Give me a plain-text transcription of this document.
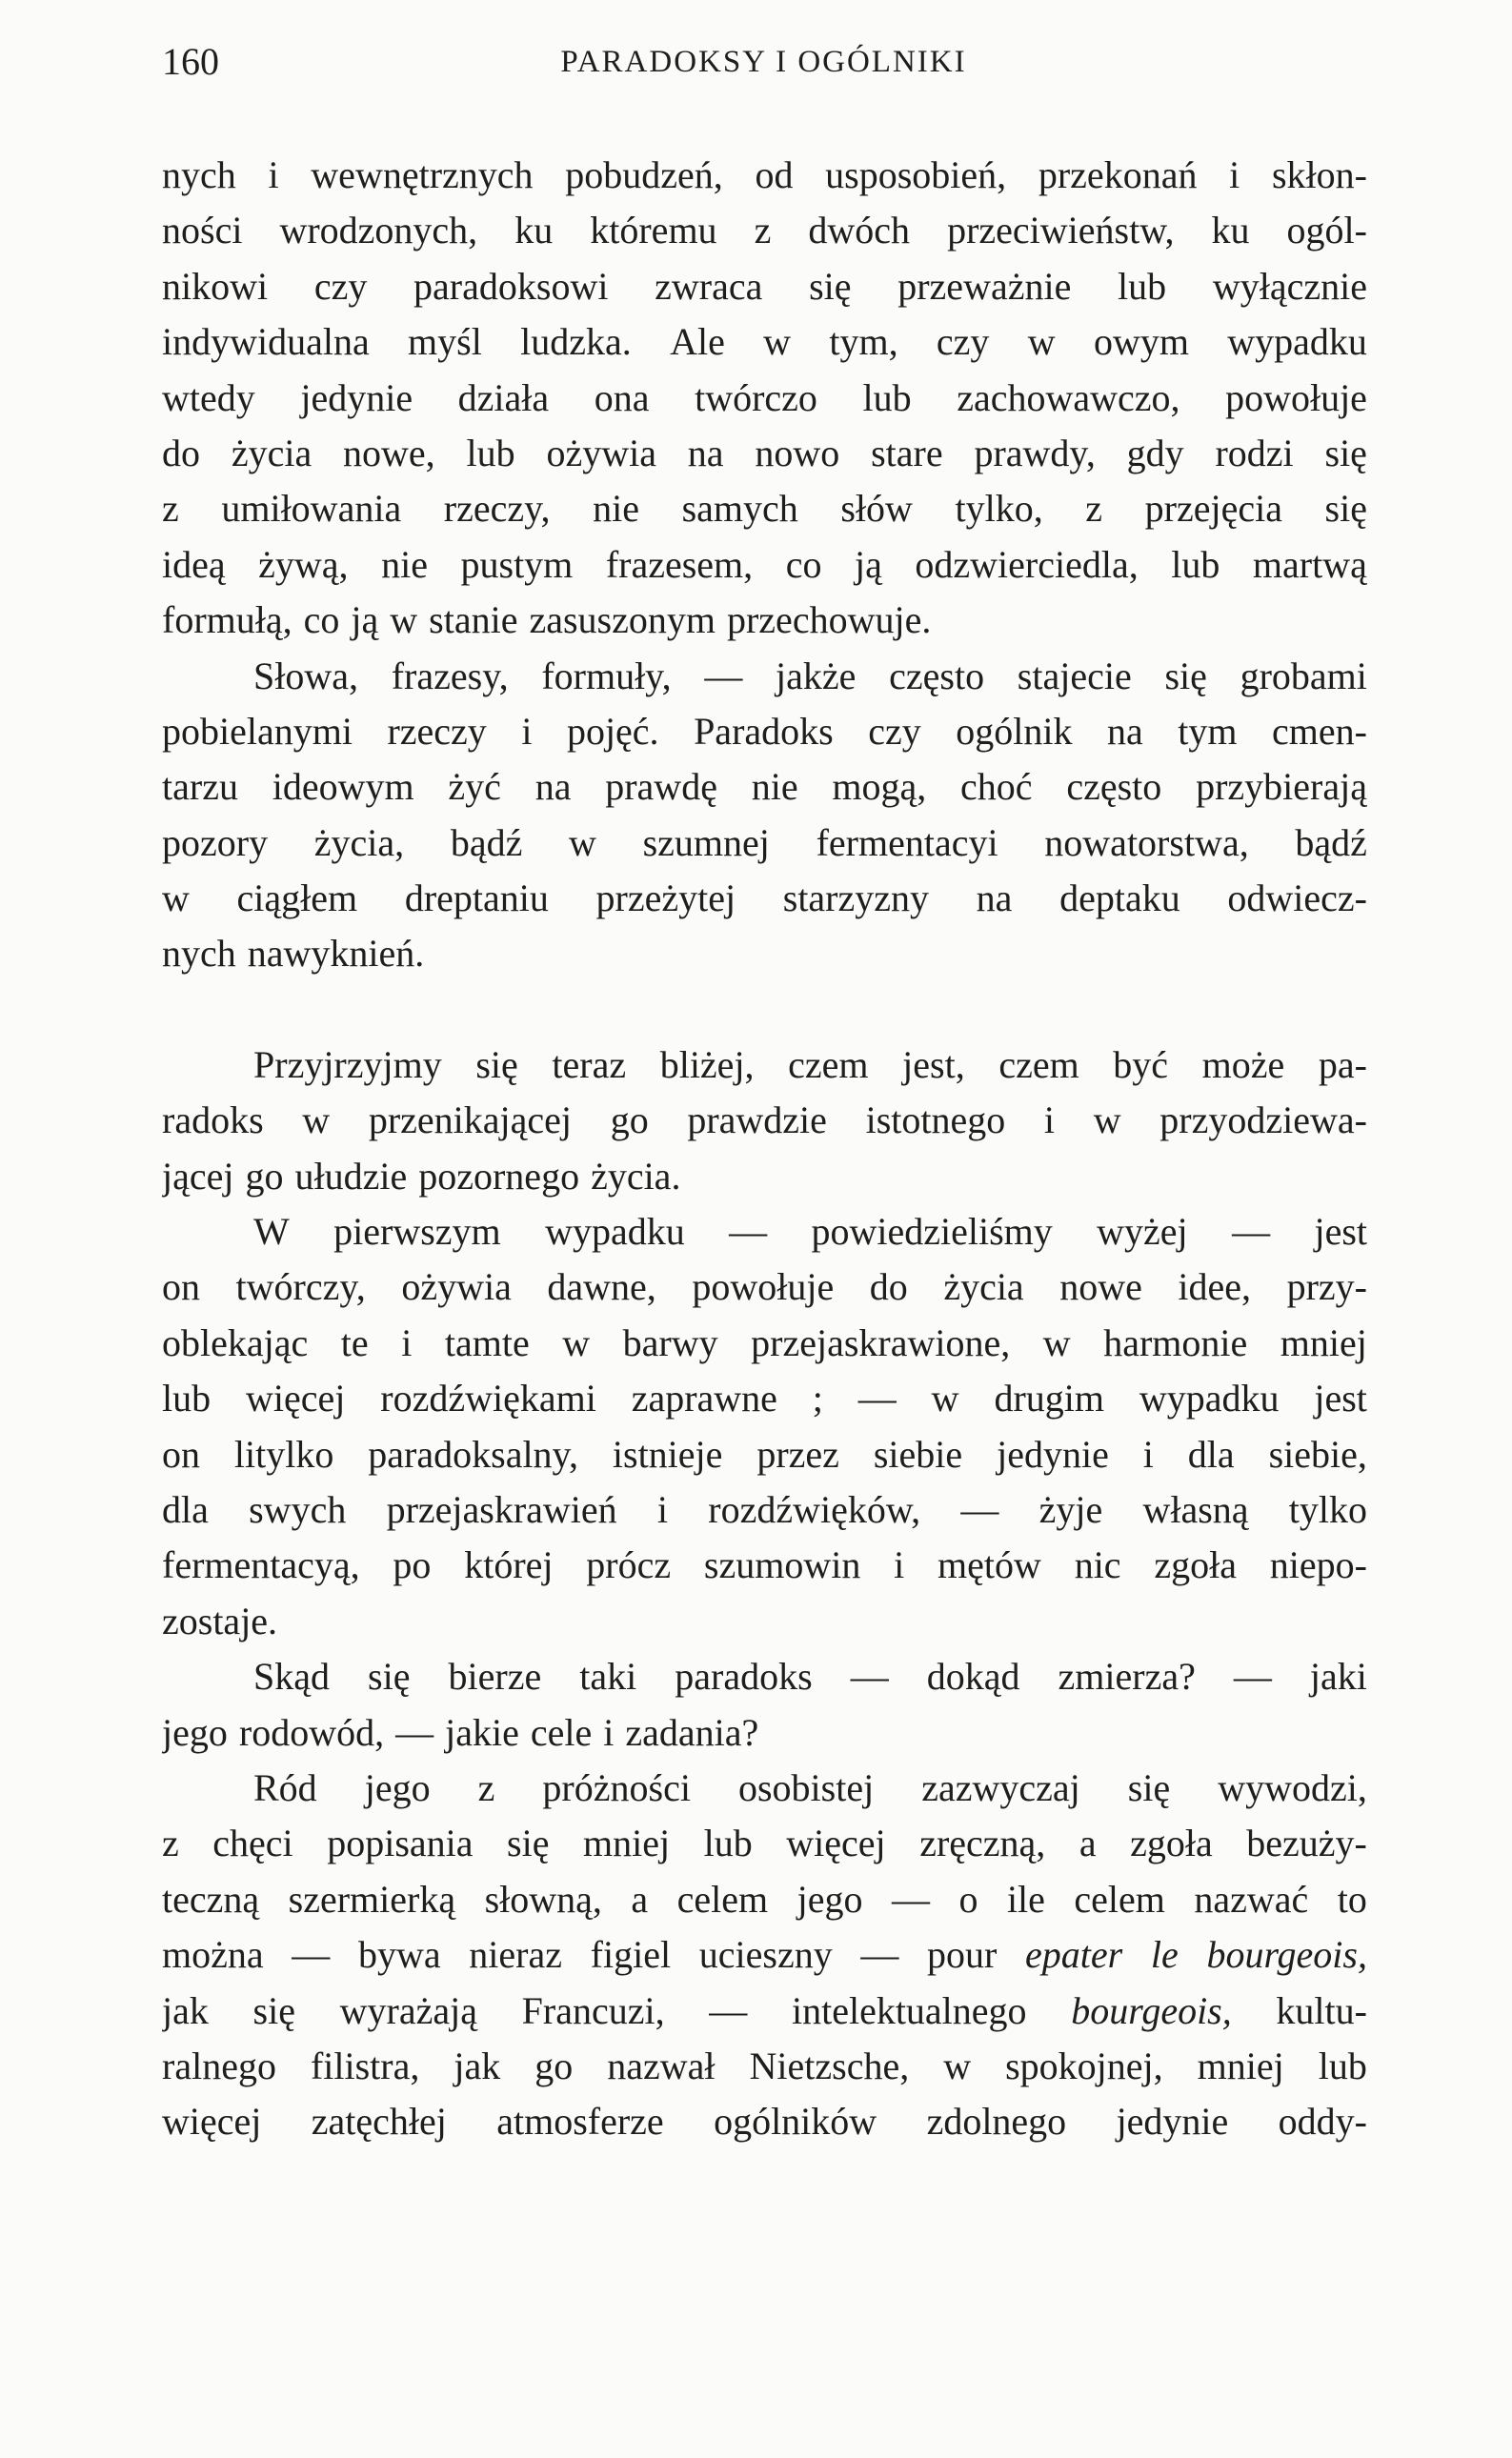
160	PARADOKSY I OGÓLNIKI
nych i wewnętrznych pobudzeń, od usposobień, przekonań i skłon-
ności wrodzonych, ku któremu z dwóch przeciwieństw, ku ogól-
nikowi czy paradoksowi zwraca się przeważnie lub wyłącznie
indywidualna myśl ludzka. Ale w tym, czy w owym wypadku
wtedy jedynie działa ona twórczo lub zachowawczo, powołuje
do życia nowe, lub ożywia na nowo stare prawdy, gdy rodzi się
z umiłowania rzeczy, nie samych słów tylko, z przejęcia się
ideą żywą, nie pustym frazesem, co ją odzwierciedla, lub martwą
formułą, co ją w stanie zasuszonym przechowuje.
Słowa, frazesy, formuły, — jakże często stajecie się grobami
pobielanymi rzeczy i pojęć. Paradoks czy ogólnik na tym cmen-
tarzu ideowym żyć na prawdę nie mogą, choć często przybierają
pozory życia, bądź w szumnej fermentacyi nowatorstwa, bądź
w ciągłem dreptaniu przeżytej starzyzny na deptaku odwiecz-
nych nawyknień.
Przyjrzyjmy się teraz bliżej, czem jest, czem być może pa-
radoks w przenikającej go prawdzie istotnego i w przyodziewa-
jącej go ułudzie pozornego życia.
W pierwszym wypadku — powiedzieliśmy wyżej — jest
on twórczy, ożywia dawne, powołuje do życia nowe idee, przy-
oblekając te i tamte w barwy przejaskrawione, w harmonie mniej
lub więcej rozdźwiękami zaprawne ; — w drugim wypadku jest
on litylko paradoksalny, istnieje przez siebie jedynie i dla siebie,
dla swych przejaskrawień i rozdźwięków, — żyje własną tylko
fermentacyą, po której prócz szumowin i mętów nic zgoła niepo-
zostaje.
Skąd się bierze taki paradoks — dokąd zmierza? — jaki
jego rodowód, — jakie cele i zadania?
Ród jego z próżności osobistej zazwyczaj się wywodzi,
z chęci popisania się mniej lub więcej zręczną, a zgoła bezuży-
teczną szermierką słowną, a celem jego — o ile celem nazwać to
można — bywa nieraz figiel ucieszny — pour epater le bourgeois,
jak się wyrażają Francuzi, — intelektualnego bourgeois, kultu-
ralnego filistra, jak go nazwał Nietzsche, w spokojnej, mniej lub
więcej zatęchłej atmosferze ogólników zdolnego jedynie oddy-
